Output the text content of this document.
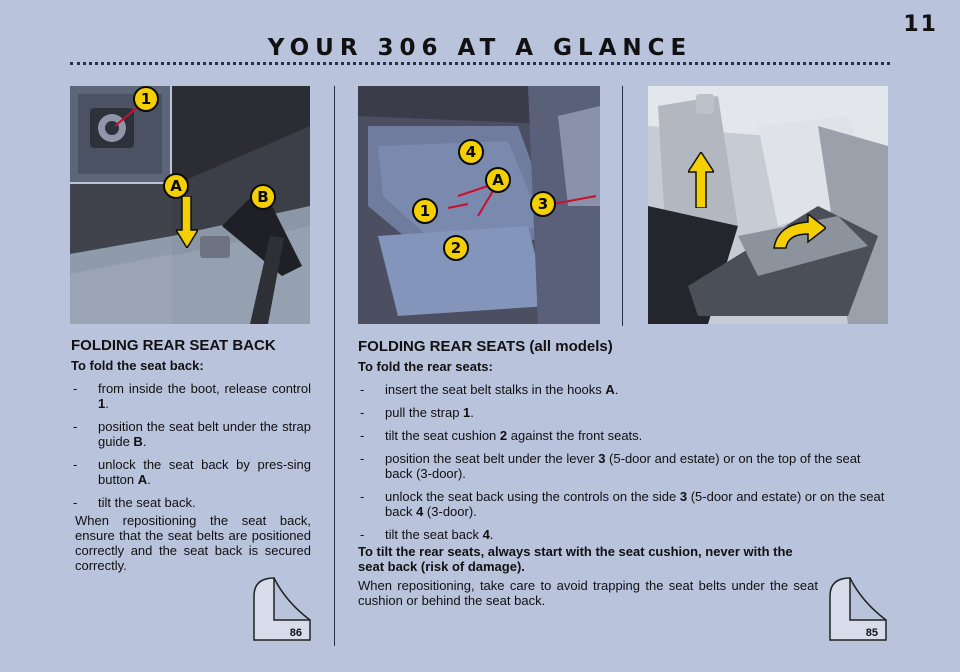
11
YOUR 306 AT A GLANCE
1
A
B
4
A
1	3
2
FOLDING REAR SEAT BACK
To fold the seat back:
- from inside the boot, release control 1.
- position the seat belt under the strap guide B.
- unlock the seat back by pres-sing button A.
- tilt the seat back.
When repositioning the seat back, ensure that the seat belts are positioned correctly and the seat back is secured correctly.
86
FOLDING REAR SEATS (all models)
To fold the rear seats:
- insert the seat belt stalks in the hooks A.
- pull the strap 1.
- tilt the seat cushion 2 against the front seats.
- position the seat belt under the lever 3 (5-door and estate) or on the top of the seat back (3-door).
- unlock the seat back using the controls on the side 3 (5-door and estate) or on the seat back 4 (3-door).
- tilt the seat back 4.
To tilt the rear seats, always start with the seat cushion, never with the seat back (risk of damage).
When repositioning, take care to avoid trapping the seat belts under the seat cushion or behind the seat back.
85
